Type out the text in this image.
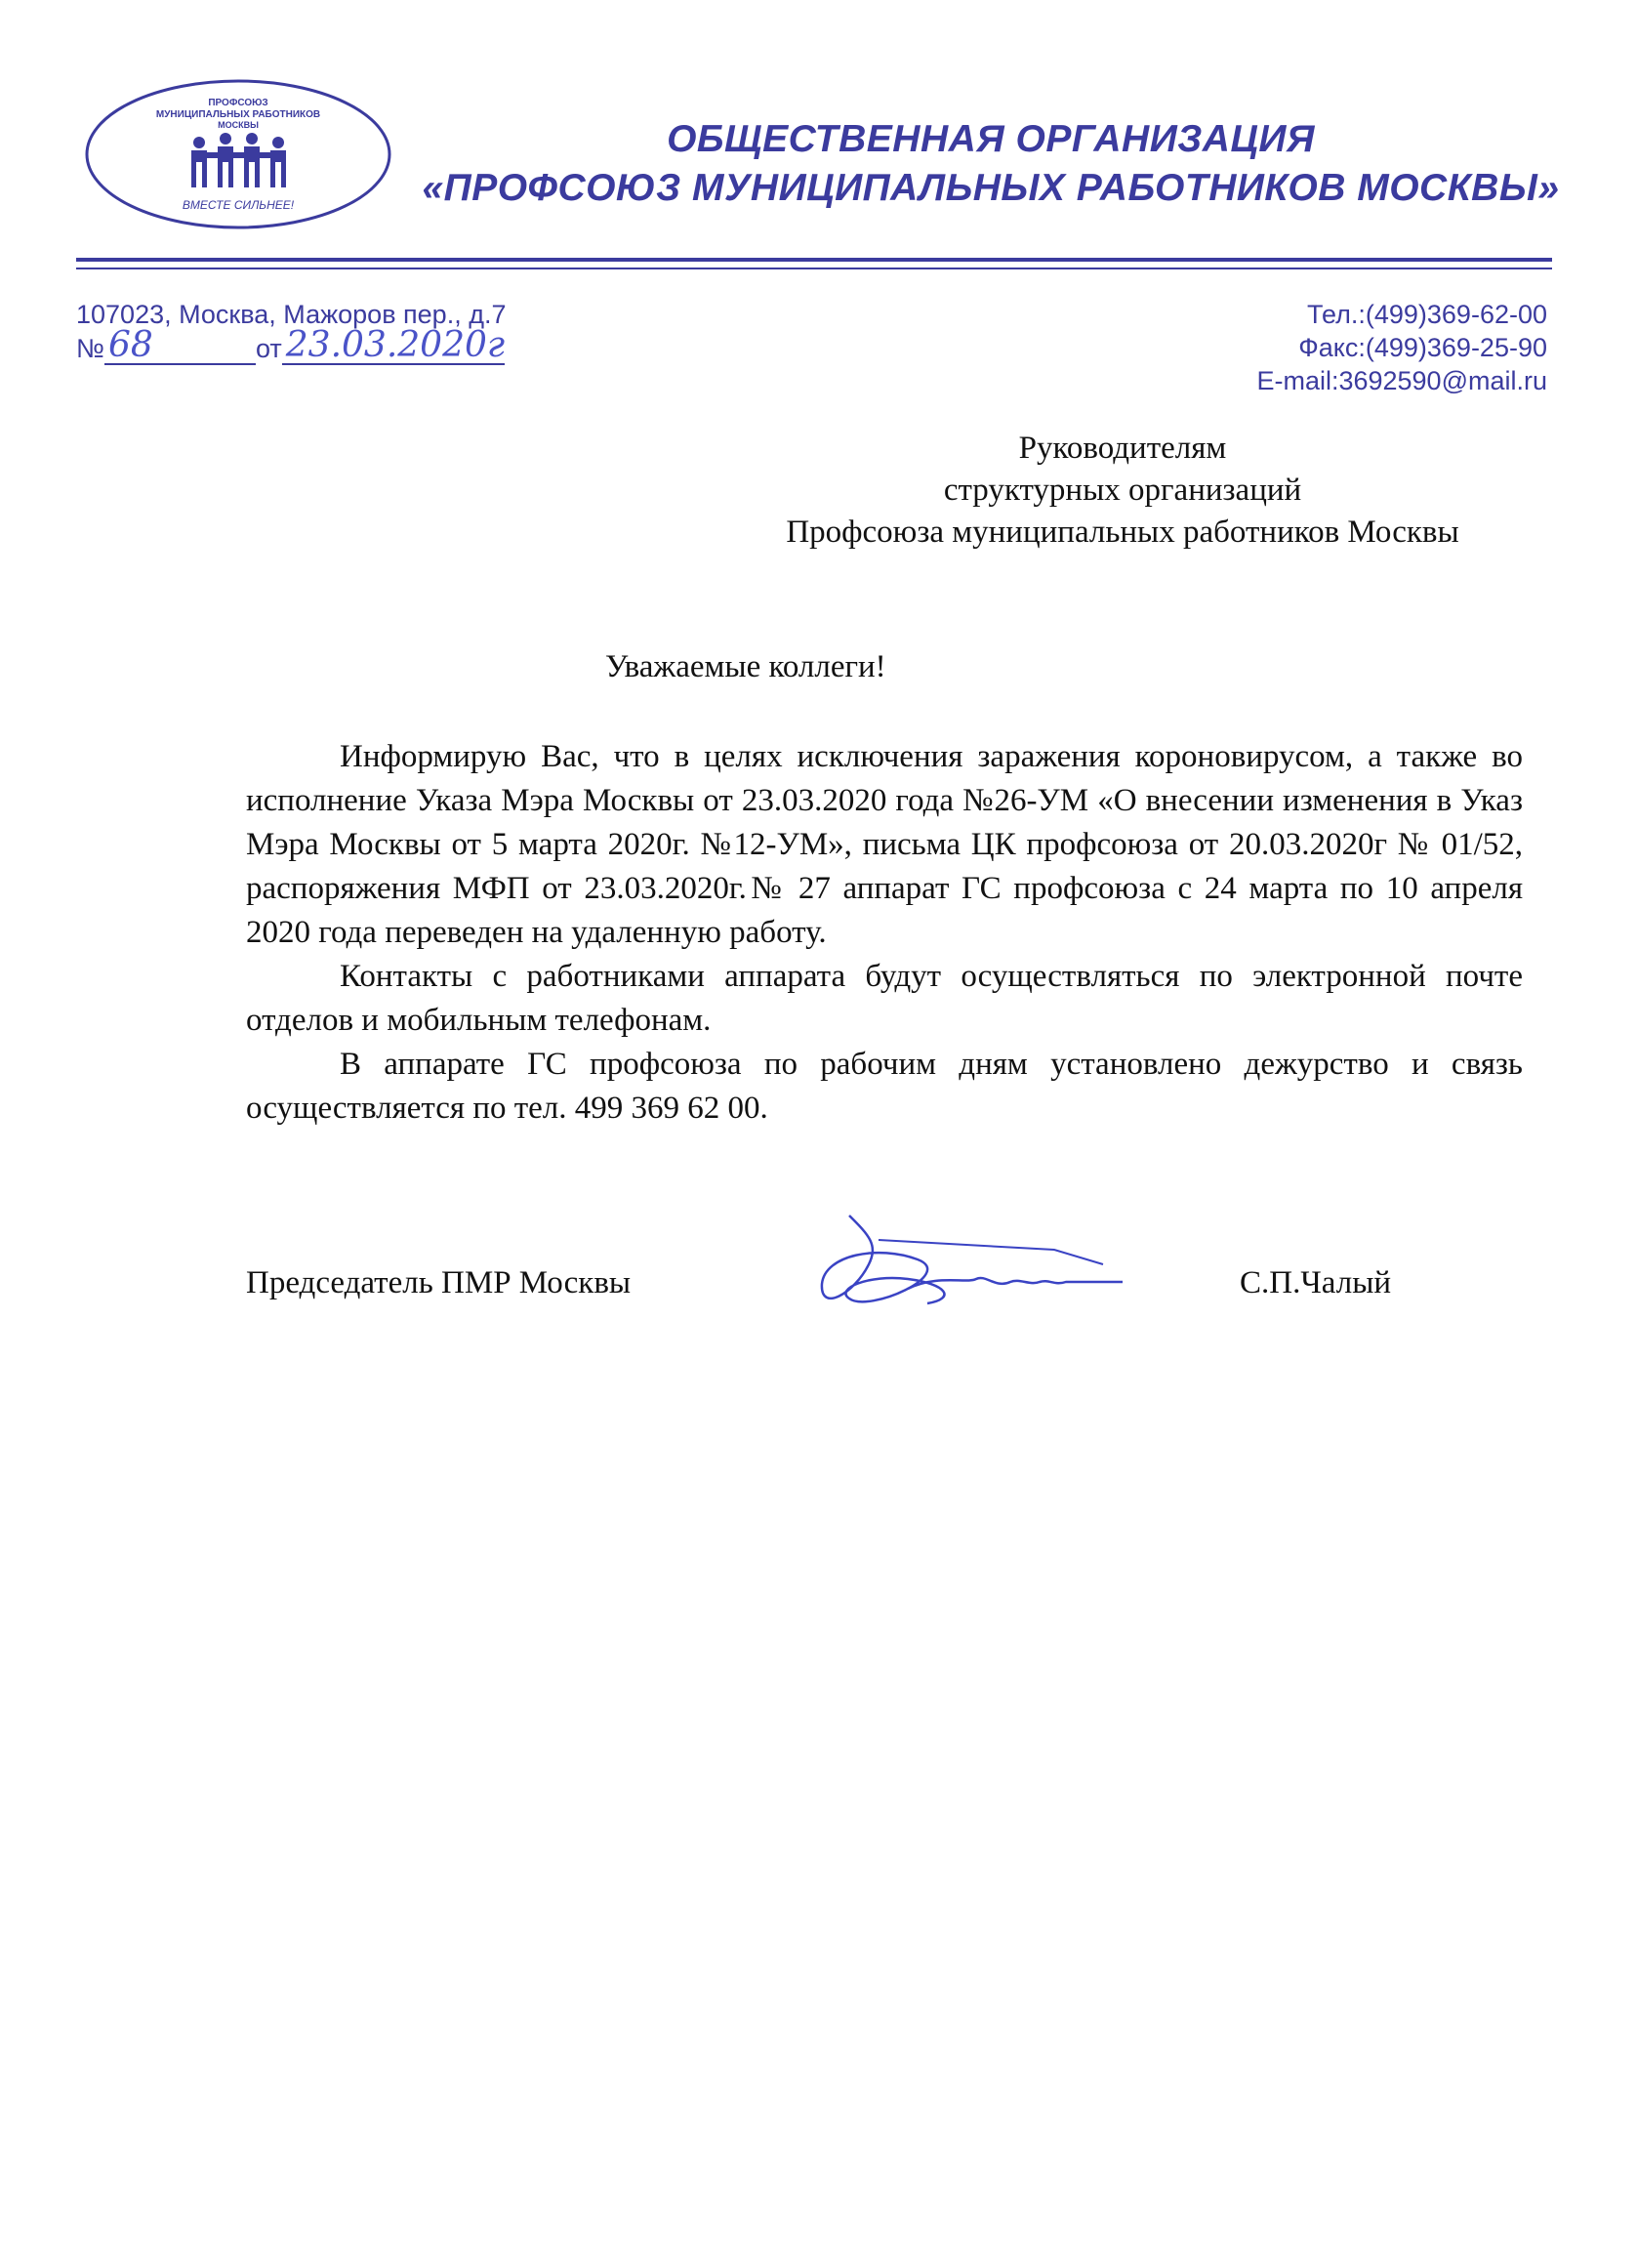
ПРОФСОЮЗ
МУНИЦИПАЛЬНЫХ РАБОТНИКОВ
МОСКВЫ
ВМЕСТЕ СИЛЬНЕЕ!
ОБЩЕСТВЕННАЯ ОРГАНИЗАЦИЯ
«ПРОФСОЮЗ МУНИЦИПАЛЬНЫХ РАБОТНИКОВ МОСКВЫ»
107023, Москва, Мажоров пер., д.7
№ 68	от 23.03.2020г
Тел.:(499)369-62-00
Факс:(499)369-25-90
E-mail:3692590@mail.ru
Руководителям
структурных организаций
Профсоюза муниципальных работников Москвы
Уважаемые коллеги!

Информирую Вас, что в целях исключения заражения короновирусом, а также во исполнение Указа Мэра Москвы от 23.03.2020 года №26-УМ «О внесении изменения в Указ Мэра Москвы от 5 марта 2020г. №12-УМ», письма ЦК профсоюза от 20.03.2020г № 01/52, распоряжения МФП от 23.03.2020г.№ 27 аппарат ГС профсоюза с 24 марта по 10 апреля 2020 года переведен на удаленную работу.

Контакты с работниками аппарата будут осуществляться по электронной почте отделов и мобильным телефонам.

В аппарате ГС профсоюза по рабочим дням установлено дежурство и связь осуществляется по тел. 499 369 62 00.

Председатель ПМР Москвы	С.П.Чалый
